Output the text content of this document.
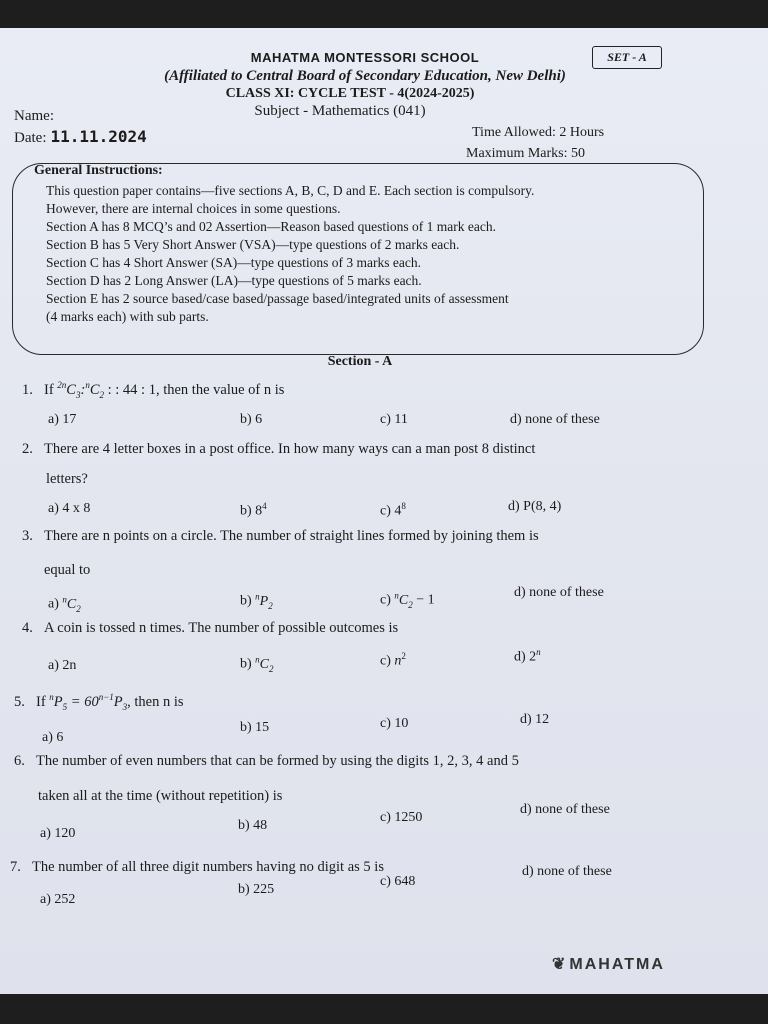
SET - A
MAHATMA MONTESSORI SCHOOL
(Affiliated to Central Board of Secondary Education, New Delhi)
CLASS XI: CYCLE TEST - 4(2024-2025)
Subject - Mathematics (041)
Name:
Date: 11.11.2024	Time Allowed: 2 Hours
Maximum Marks: 50
General Instructions:
This question paper contains—five sections A, B, C, D and E. Each section is compulsory.
However, there are internal choices in some questions.
Section A has 8 MCQ’s and 02 Assertion—Reason based questions of 1 mark each.
Section B has 5 Very Short Answer (VSA)—type questions of 2 marks each.
Section C has 4 Short Answer (SA)—type questions of 3 marks each.
Section D has 2 Long Answer (LA)—type questions of 5 marks each.
Section E has 2 source based/case based/passage based/integrated units of assessment
(4 marks each) with sub parts.
Section - A
1. If $^{2n}C_3:^nC_2$ : : 44 : 1, then the value of n is
a) 17	b) 6	c) 11	d) none of these
2. There are 4 letter boxes in a post office. In how many ways can a man post 8 distinct
letters?
a) 4 x 8	b) $8^4$	c) $4^8$	d) P(8, 4)
3. There are n points on a circle. The number of straight lines formed by joining them is
equal to
a) $^nC_2$	b) $^nP_2$	c) $^nC_2 - 1$
d) none of these
4. A coin is tossed n times. The number of possible outcomes is
a) 2n	b) $^nC_2$	c) $n^2$	d) 2$^n$
5. If $^nP_5 = 60^{n-1}P_3$, then n is
a) 6
b) 15	c) 10	d) 12
6. The number of even numbers that can be formed by using the digits 1, 2, 3, 4 and 5
taken all at the time (without repetition) is
a) 120
b) 48
c) 1250
d) none of these
7. The number of all three digit numbers having no digit as 5 is
a) 252
b) 225
c) 648
d) none of these
❦ MAHATMA
